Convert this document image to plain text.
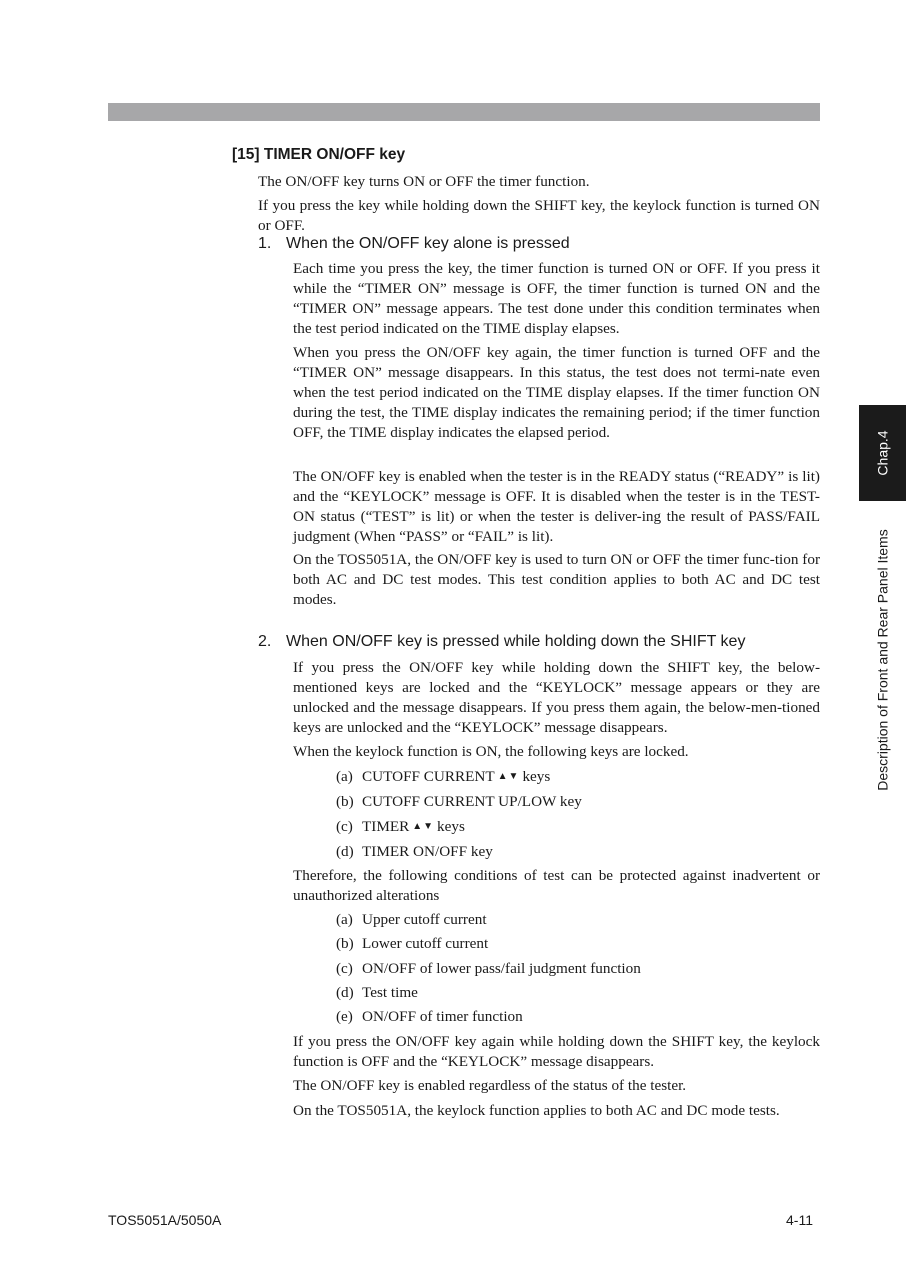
[15] TIMER ON/OFF key

The ON/OFF key turns ON or OFF the timer function.

If you press the key while holding down the SHIFT key, the keylock function is turned ON or OFF.

1. When the ON/OFF key alone is pressed

Each time you press the key, the timer function is turned ON or OFF. If you press it while the “TIMER ON” message is OFF, the timer function is turned ON and the “TIMER ON” message appears. The test done under this condition terminates when the test period indicated on the TIME display elapses.

When you press the ON/OFF key again, the timer function is turned OFF and the “TIMER ON” message disappears. In this status, the test does not termi-nate even when the test period indicated on the TIME display elapses. If the timer function ON during the test, the TIME display indicates the remaining period; if the timer function OFF, the TIME display indicates the elapsed period.

The ON/OFF key is enabled when the tester is in the READY status (“READY” is lit) and the “KEYLOCK” message is OFF. It is disabled when the tester is in the TEST-ON status (“TEST” is lit) or when the tester is deliver-ing the result of PASS/FAIL judgment (When “PASS” or “FAIL” is lit).

On the TOS5051A, the ON/OFF key is used to turn ON or OFF the timer func-tion for both AC and DC test modes. This test condition applies to both AC and DC test modes.

2. When ON/OFF key is pressed while holding down the SHIFT key

If you press the ON/OFF key while holding down the SHIFT key, the below-mentioned keys are locked and the “KEYLOCK” message appears or they are unlocked and the message disappears. If you press them again, the below-men-tioned keys are unlocked and the “KEYLOCK” message disappears.

When the keylock function is ON, the following keys are locked.

(a) CUTOFF CURRENT ▲▼ keys
(b) CUTOFF CURRENT UP/LOW key
(c) TIMER ▲▼ keys
(d) TIMER ON/OFF key

Therefore, the following conditions of test can be protected against inadvertent or unauthorized alterations

(a) Upper cutoff current
(b) Lower cutoff current
(c) ON/OFF of lower pass/fail judgment function
(d) Test time
(e) ON/OFF of timer function

If you press the ON/OFF key again while holding down the SHIFT key, the keylock function is OFF and the “KEYLOCK” message disappears.

The ON/OFF key is enabled regardless of the status of the tester.

On the TOS5051A, the keylock function applies to both AC and DC mode tests.

Chap.4
Description of Front and Rear Panel Items
TOS5051A/5050A	4-11
